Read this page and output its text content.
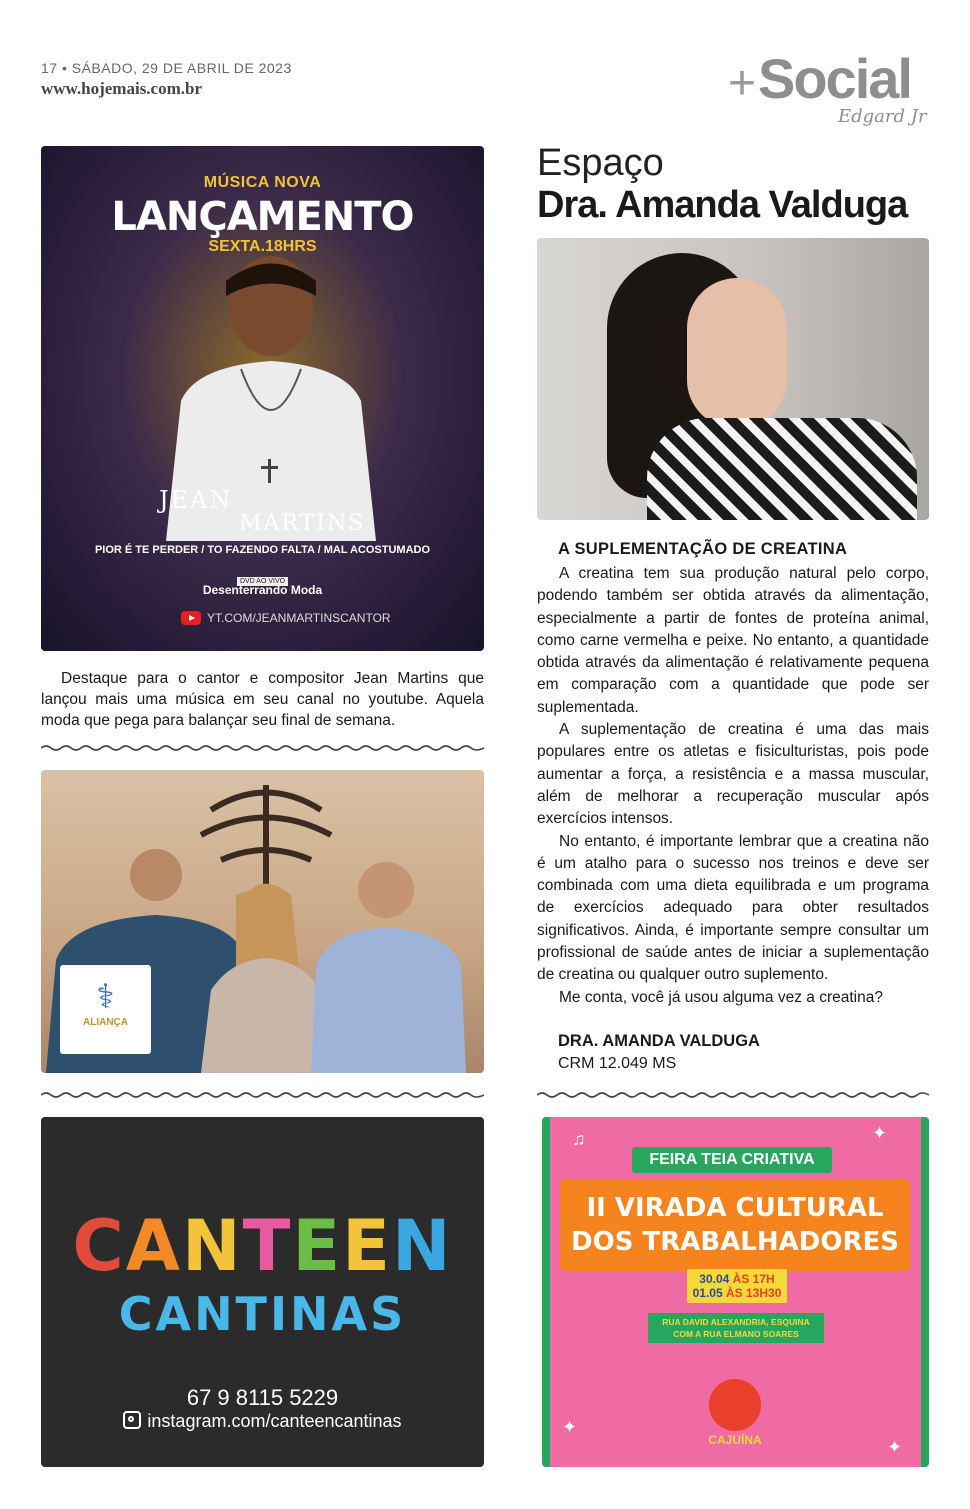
17 • SÁBADO, 29 DE ABRIL DE 2023
www.hojemais.com.br	+ Social
Edgard Jr
MÚSICA NOVA
LANÇAMENTO
SEXTA.18HRS
JEAN
MARTINS
PIOR É TE PERDER / TO FAZENDO FALTA / MAL ACOSTUMADO
DVD AO VIVO
Desenterrando Moda
YT.COM/JEANMARTINSCANTOR
Destaque para o cantor e compositor Jean Martins que lançou mais uma música em seu canal no youtube. Aquela moda que pega para balançar seu final de semana.
⚕
ALIANÇA
CANTEEN
CANTINAS
67 9 8115 5229
instagram.com/canteencantinas
Espaço
Dra. Amanda Valduga
A SUPLEMENTAÇÃO DE CREATINA

A creatina tem sua produção natural pelo corpo, podendo também ser obtida através da alimentação, especialmente a partir de fontes de proteína animal, como carne vermelha e peixe. No entanto, a quantidade obtida através da alimentação é relativamente pequena em comparação com a quantidade que pode ser suplementada.

A suplementação de creatina é uma das mais populares entre os atletas e fisiculturistas, pois pode aumentar a força, a resistência e a massa muscular, além de melhorar a recuperação muscular após exercícios intensos.

No entanto, é importante lembrar que a creatina não é um atalho para o sucesso nos treinos e deve ser combinada com uma dieta equilibrada e um programa de exercícios adequado para obter resultados significativos. Ainda, é importante sempre consultar um profissional de saúde antes de iniciar a suplementação de creatina ou qualquer outro suplemento.

Me conta, você já usou alguma vez a creatina?

DRA. AMANDA VALDUGA
CRM 12.049 MS
♫	✦
✦
✦
FEIRA TEIA CRIATIVA
II VIRADA CULTURAL
DOS TRABALHADORES
30.04 ÀS 17H
01.05 ÀS 13H30
RUA DAVID ALEXANDRIA, ESQUINA
COM A RUA ELMANO SOARES
CAJUÍNA
